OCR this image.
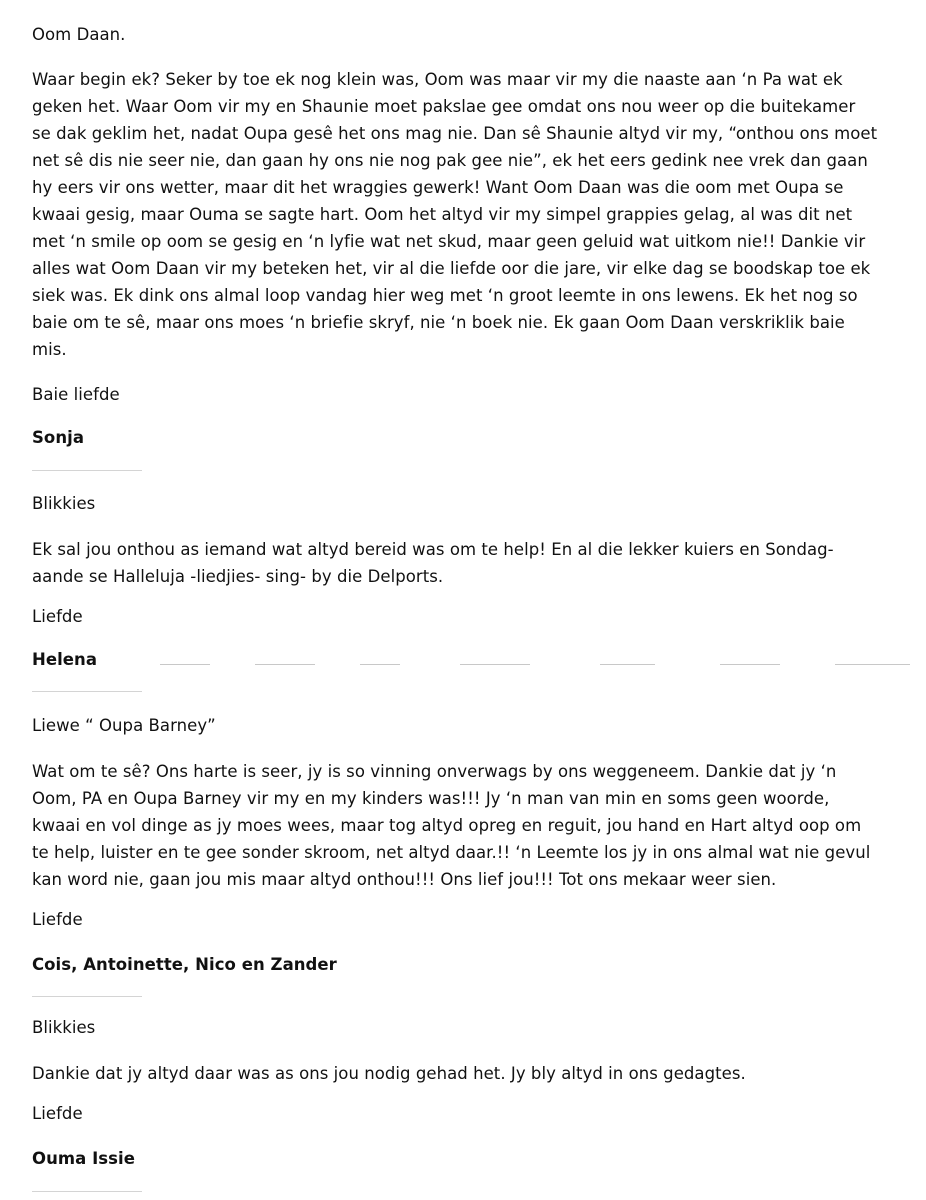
Oom Daan.
Waar begin ek? Seker by toe ek nog klein was, Oom was maar vir my die naaste aan ‘n Pa wat ek
geken het. Waar Oom vir my en Shaunie moet pakslae gee omdat ons nou weer op die buitekamer
se dak geklim het, nadat Oupa gesê het ons mag nie. Dan sê Shaunie altyd vir my, “onthou ons moet
net sê dis nie seer nie, dan gaan hy ons nie nog pak gee nie”, ek het eers gedink nee vrek dan gaan
hy eers vir ons wetter, maar dit het wraggies gewerk! Want Oom Daan was die oom met Oupa se
kwaai gesig, maar Ouma se sagte hart. Oom het altyd vir my simpel grappies gelag, al was dit net
met ‘n smile op oom se gesig en ‘n lyfie wat net skud, maar geen geluid wat uitkom nie!! Dankie vir
alles wat Oom Daan vir my beteken het, vir al die liefde oor die jare, vir elke dag se boodskap toe ek
siek was. Ek dink ons almal loop vandag hier weg met ‘n groot leemte in ons lewens. Ek het nog so
baie om te sê, maar ons moes ‘n briefie skryf, nie ‘n boek nie. Ek gaan Oom Daan verskriklik baie
mis.
Baie liefde
Sonja
Blikkies
Ek sal jou onthou as iemand wat altyd bereid was om te help! En al die lekker kuiers en Sondag-
aande se Halleluja -liedjies- sing- by die Delports.
Liefde
Helena
Liewe “ Oupa Barney”
Wat om te sê? Ons harte is seer, jy is so vinning onverwags by ons weggeneem. Dankie dat jy ‘n
Oom, PA en Oupa Barney vir my en my kinders was!!! Jy ‘n man van min en soms geen woorde,
kwaai en vol dinge as jy moes wees, maar tog altyd opreg en reguit, jou hand en Hart altyd oop om
te help, luister en te gee sonder skroom, net altyd daar.!! ‘n Leemte los jy in ons almal wat nie gevul
kan word nie, gaan jou mis maar altyd onthou!!! Ons lief jou!!! Tot ons mekaar weer sien.
Liefde
Cois, Antoinette, Nico en Zander
Blikkies
Dankie dat jy altyd daar was as ons jou nodig gehad het. Jy bly altyd in ons gedagtes.
Liefde
Ouma Issie
